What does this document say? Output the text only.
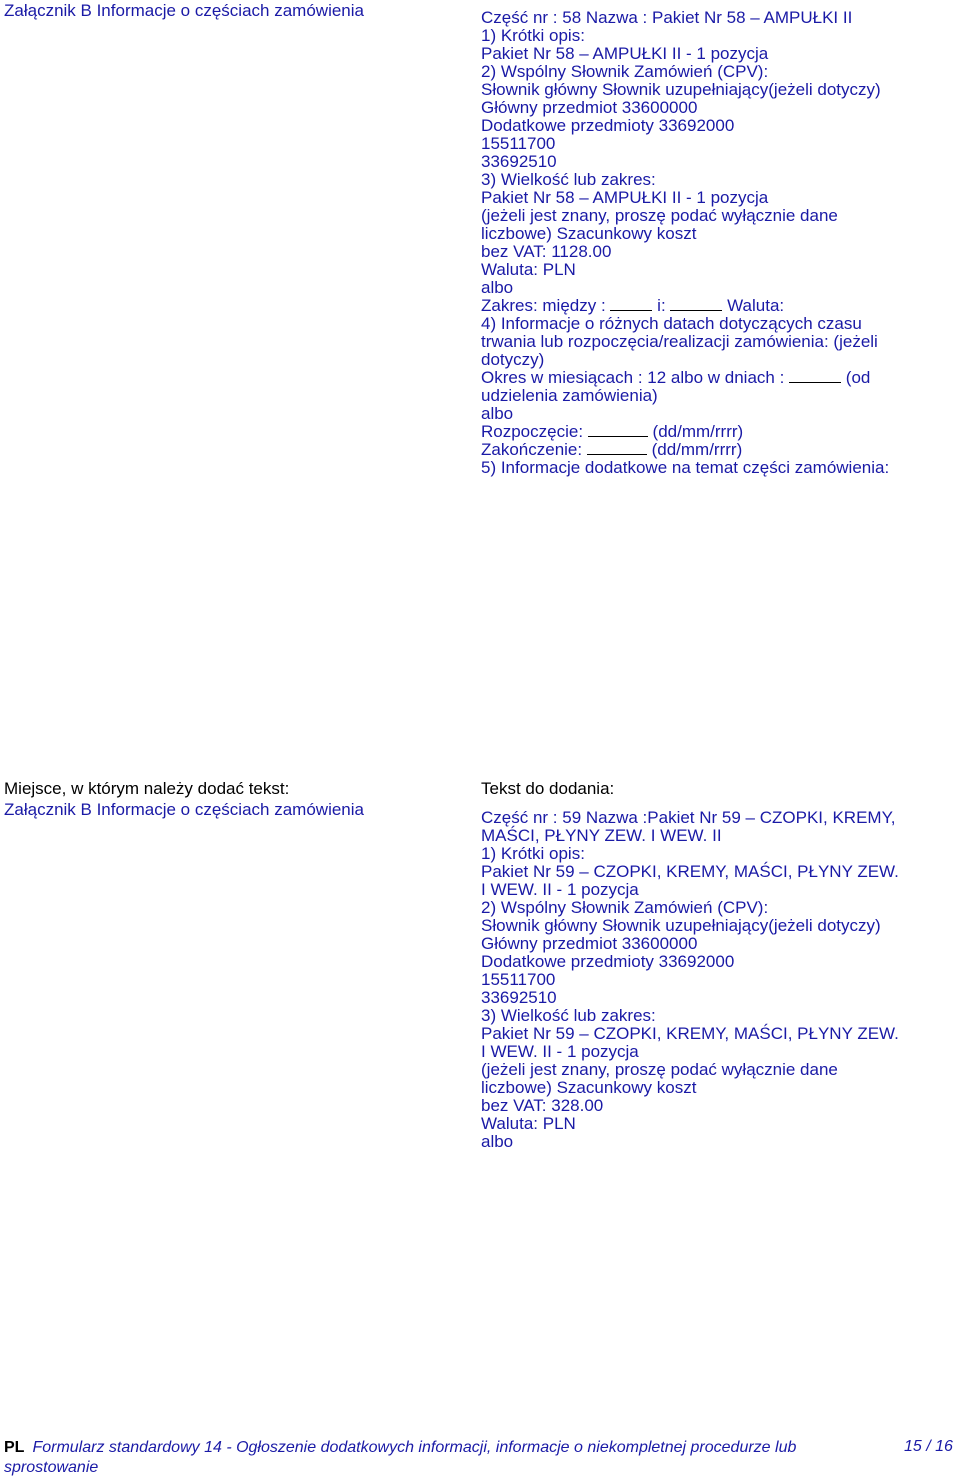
Załącznik B Informacje o częściach zamówienia	Część nr : 58 Nazwa : Pakiet Nr 58 – AMPUŁKI II
1) Krótki opis:
Pakiet Nr 58 – AMPUŁKI II - 1 pozycja
2) Wspólny Słownik Zamówień (CPV):
Słownik główny Słownik uzupełniający(jeżeli dotyczy)
Główny przedmiot 33600000
Dodatkowe przedmioty 33692000
15511700
33692510
3) Wielkość lub zakres:
Pakiet Nr 58 – AMPUŁKI II - 1 pozycja
(jeżeli jest znany, proszę podać wyłącznie dane
liczbowe) Szacunkowy koszt
bez VAT: 1128.00
Waluta: PLN
albo
Zakres: między :	i:	Waluta:
4) Informacje o różnych datach dotyczących czasu
trwania lub rozpoczęcia/realizacji zamówienia: (jeżeli
dotyczy)
Okres w miesiącach : 12 albo w dniach :	(od
udzielenia zamówienia)
albo
Rozpoczęcie:	(dd/mm/rrrr)
Zakończenie:	(dd/mm/rrrr)
5) Informacje dodatkowe na temat części zamówienia:
Miejsce, w którym należy dodać tekst:
Załącznik B Informacje o częściach zamówienia
Tekst do dodania:
Część nr : 59 Nazwa :Pakiet Nr 59 – CZOPKI, KREMY,
MAŚCI, PŁYNY ZEW. I WEW. II
1) Krótki opis:
Pakiet Nr 59 – CZOPKI, KREMY, MAŚCI, PŁYNY ZEW.
I WEW. II - 1 pozycja
2) Wspólny Słownik Zamówień (CPV):
Słownik główny Słownik uzupełniający(jeżeli dotyczy)
Główny przedmiot 33600000
Dodatkowe przedmioty 33692000
15511700
33692510
3) Wielkość lub zakres:
Pakiet Nr 59 – CZOPKI, KREMY, MAŚCI, PŁYNY ZEW.
I WEW. II - 1 pozycja
(jeżeli jest znany, proszę podać wyłącznie dane
liczbowe) Szacunkowy koszt
bez VAT: 328.00
Waluta: PLN
albo
PL Formularz standardowy 14 - Ogłoszenie dodatkowych informacji, informacje o niekompletnej procedurze lub
sprostowanie
15 / 16
